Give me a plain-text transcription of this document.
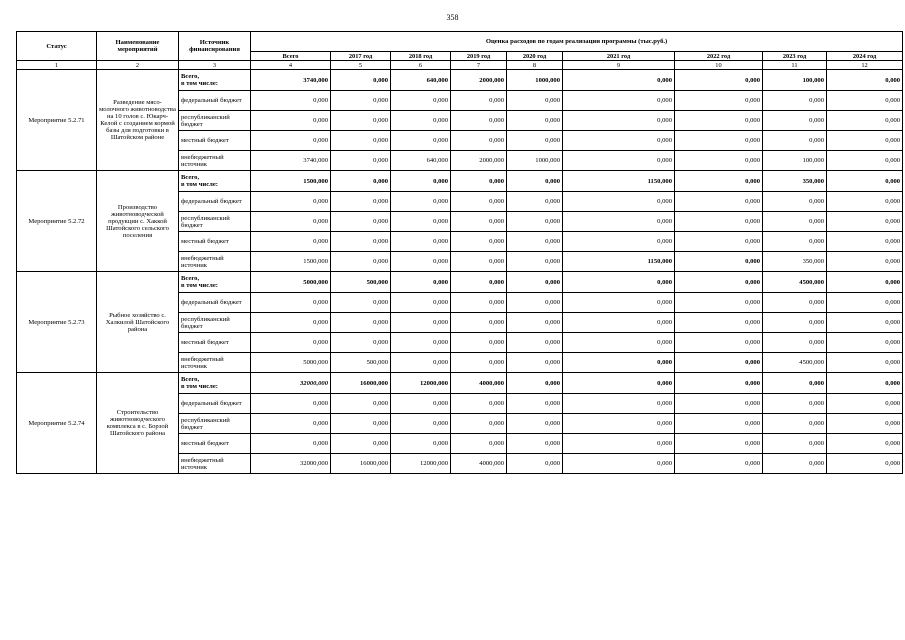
358
Статус	Наименование мероприятий	Источник финансирования	Оценка расходов по годам реализации программы (тыс.руб.)								
			Всего	2017 год	2018 год	2019 год	2020 год	2021 год	2022 год	2023 год	2024 год
1	2	3	4	5	6	7	8	9	10	11	12
Мероприятие 5.2.71	Разведение мясо-молочного животноводства на 10 голов с. Юкарч-Келой с созданием кормой базы для подготовки в Шатойском районе	Всего,
в том числе:	3740,000	0,000	640,000	2000,000	1000,000	0,000	0,000	100,000	0,000
		федеральный бюджет	0,000	0,000	0,000	0,000	0,000	0,000	0,000	0,000	0,000
		республиканский бюджет	0,000	0,000	0,000	0,000	0,000	0,000	0,000	0,000	0,000
		местный бюджет	0,000	0,000	0,000	0,000	0,000	0,000	0,000	0,000	0,000
		внебюджетный источник	3740,000	0,000	640,000	2000,000	1000,000	0,000	0,000	100,000	0,000
Мероприятие 5.2.72	Производство животноводческой продукции с. Хаккой Шатойского сельского поселения	Всего,
в том числе:	1500,000	0,000	0,000	0,000	0,000	1150,000	0,000	350,000	0,000
		федеральный бюджет	0,000	0,000	0,000	0,000	0,000	0,000	0,000	0,000	0,000
		республиканский бюджет	0,000	0,000	0,000	0,000	0,000	0,000	0,000	0,000	0,000
		местный бюджет	0,000	0,000	0,000	0,000	0,000	0,000	0,000	0,000	0,000
		внебюджетный источник	1500,000	0,000	0,000	0,000	0,000	1150,000	0,000	350,000	0,000
Мероприятие 5.2.73	Рыбное хозяйство с. Халкилой Шатойского района	Всего,
в том числе:	5000,000	500,000	0,000	0,000	0,000	0,000	0,000	4500,000	0,000
		федеральный бюджет	0,000	0,000	0,000	0,000	0,000	0,000	0,000	0,000	0,000
		республиканский бюджет	0,000	0,000	0,000	0,000	0,000	0,000	0,000	0,000	0,000
		местный бюджет	0,000	0,000	0,000	0,000	0,000	0,000	0,000	0,000	0,000
		внебюджетный источник	5000,000	500,000	0,000	0,000	0,000	0,000	0,000	4500,000	0,000
Мероприятие 5.2.74	Строительство животноводческого комплекса в с. Борзой Шатойского района	Всего,
в том числе:	32000,000	16000,000	12000,000	4000,000	0,000	0,000	0,000	0,000	0,000
		федеральный бюджет	0,000	0,000	0,000	0,000	0,000	0,000	0,000	0,000	0,000
		республиканский бюджет	0,000	0,000	0,000	0,000	0,000	0,000	0,000	0,000	0,000
		местный бюджет	0,000	0,000	0,000	0,000	0,000	0,000	0,000	0,000	0,000
		внебюджетный источник	32000,000	16000,000	12000,000	4000,000	0,000	0,000	0,000	0,000	0,000
